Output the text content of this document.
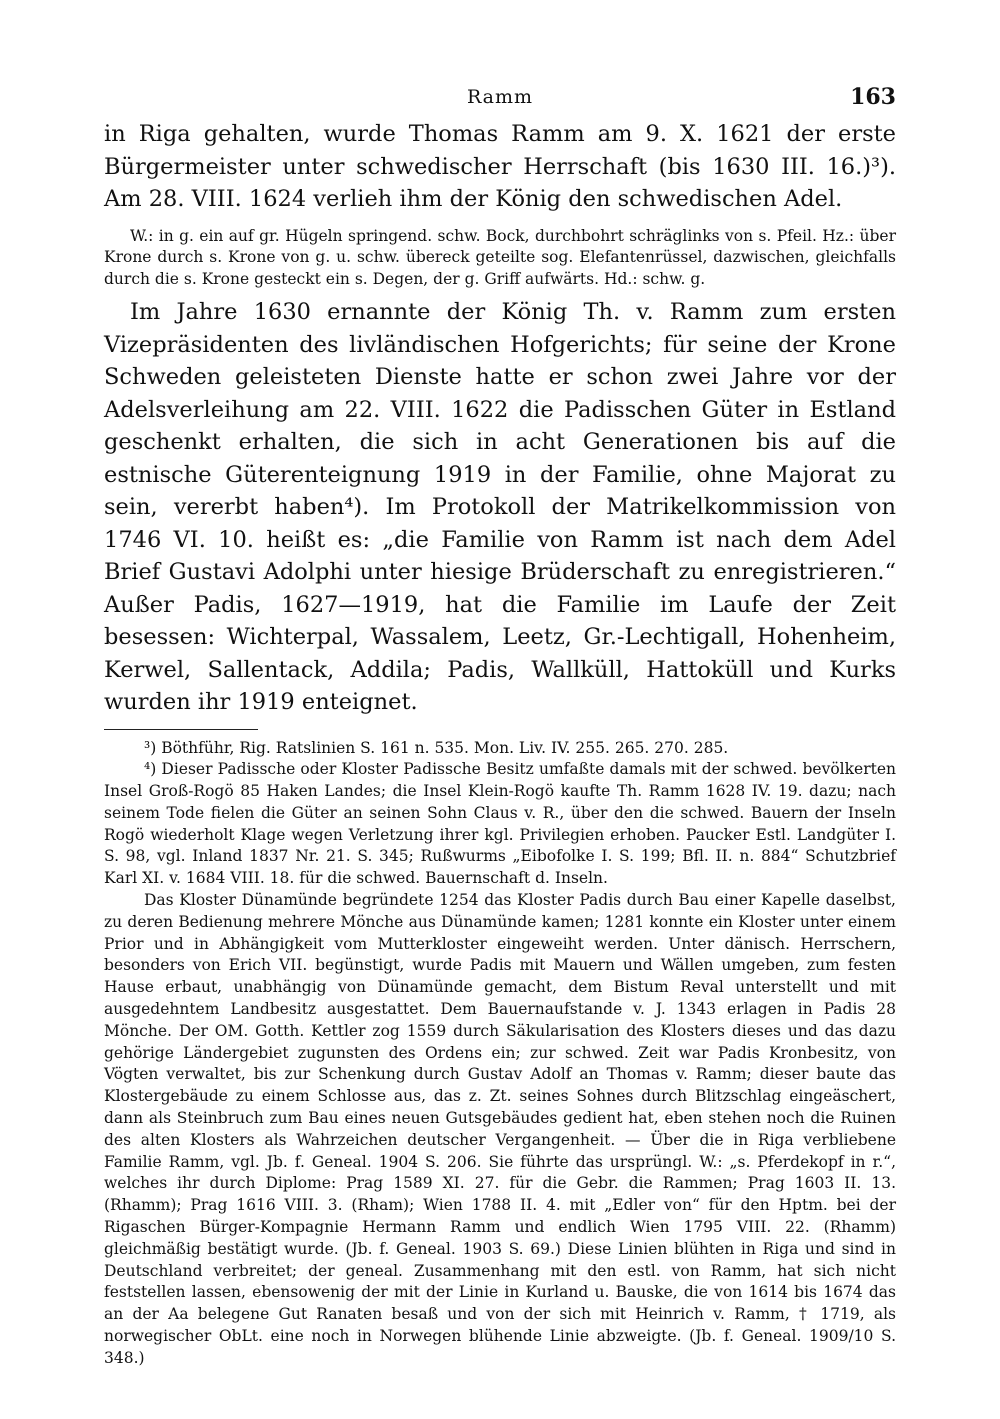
Ramm	163

in Riga gehalten, wurde Thomas Ramm am 9. X. 1621 der erste Bürgermeister unter schwedischer Herrschaft (bis 1630 III. 16.)³). Am 28. VIII. 1624 verlieh ihm der König den schwedischen Adel.

W.: in g. ein auf gr. Hügeln springend. schw. Bock, durchbohrt schräglinks von s. Pfeil. Hz.: über Krone durch s. Krone von g. u. schw. übereck geteilte sog. Elefantenrüssel, dazwischen, gleichfalls durch die s. Krone gesteckt ein s. Degen, der g. Griff aufwärts. Hd.: schw. g.

Im Jahre 1630 ernannte der König Th. v. Ramm zum ersten Vizepräsidenten des livländischen Hofgerichts; für seine der Krone Schweden geleisteten Dienste hatte er schon zwei Jahre vor der Adelsverleihung am 22. VIII. 1622 die Padisschen Güter in Estland geschenkt erhalten, die sich in acht Generationen bis auf die estnische Güterenteignung 1919 in der Familie, ohne Majorat zu sein, vererbt haben⁴). Im Protokoll der Matrikelkommission von 1746 VI. 10. heißt es: „die Familie von Ramm ist nach dem Adel Brief Gustavi Adolphi unter hiesige Brüderschaft zu enregistrieren.“ Außer Padis, 1627—1919, hat die Familie im Laufe der Zeit besessen: Wichterpal, Wassalem, Leetz, Gr.-Lechtigall, Hohenheim, Kerwel, Sallentack, Addila; Padis, Wallküll, Hattoküll und Kurks wurden ihr 1919 enteignet.

³) Böthführ, Rig. Ratslinien S. 161 n. 535. Mon. Liv. IV. 255. 265. 270. 285.

⁴) Dieser Padissche oder Kloster Padissche Besitz umfaßte damals mit der schwed. bevölkerten Insel Groß-Rogö 85 Haken Landes; die Insel Klein-Rogö kaufte Th. Ramm 1628 IV. 19. dazu; nach seinem Tode fielen die Güter an seinen Sohn Claus v. R., über den die schwed. Bauern der Inseln Rogö wiederholt Klage wegen Verletzung ihrer kgl. Privilegien erhoben. Paucker Estl. Landgüter I. S. 98, vgl. Inland 1837 Nr. 21. S. 345; Rußwurms „Eibofolke I. S. 199; Bfl. II. n. 884“ Schutzbrief Karl XI. v. 1684 VIII. 18. für die schwed. Bauernschaft d. Inseln.

Das Kloster Dünamünde begründete 1254 das Kloster Padis durch Bau einer Kapelle daselbst, zu deren Bedienung mehrere Mönche aus Dünamünde kamen; 1281 konnte ein Kloster unter einem Prior und in Abhängigkeit vom Mutterkloster eingeweiht werden. Unter dänisch. Herrschern, besonders von Erich VII. begünstigt, wurde Padis mit Mauern und Wällen umgeben, zum festen Hause erbaut, unabhängig von Dünamünde gemacht, dem Bistum Reval unterstellt und mit ausgedehntem Landbesitz ausgestattet. Dem Bauernaufstande v. J. 1343 erlagen in Padis 28 Mönche. Der OM. Gotth. Kettler zog 1559 durch Säkularisation des Klosters dieses und das dazu gehörige Ländergebiet zugunsten des Ordens ein; zur schwed. Zeit war Padis Kronbesitz, von Vögten verwaltet, bis zur Schenkung durch Gustav Adolf an Thomas v. Ramm; dieser baute das Klostergebäude zu einem Schlosse aus, das z. Zt. seines Sohnes durch Blitzschlag eingeäschert, dann als Steinbruch zum Bau eines neuen Gutsgebäudes gedient hat, eben stehen noch die Ruinen des alten Klosters als Wahrzeichen deutscher Vergangenheit. — Über die in Riga verbliebene Familie Ramm, vgl. Jb. f. Geneal. 1904 S. 206. Sie führte das ursprüngl. W.: „s. Pferdekopf in r.“, welches ihr durch Diplome: Prag 1589 XI. 27. für die Gebr. die Rammen; Prag 1603 II. 13. (Rhamm); Prag 1616 VIII. 3. (Rham); Wien 1788 II. 4. mit „Edler von“ für den Hptm. bei der Rigaschen Bürger-Kompagnie Hermann Ramm und endlich Wien 1795 VIII. 22. (Rhamm) gleichmäßig bestätigt wurde. (Jb. f. Geneal. 1903 S. 69.) Diese Linien blühten in Riga und sind in Deutschland verbreitet; der geneal. Zusammenhang mit den estl. von Ramm, hat sich nicht feststellen lassen, ebensowenig der mit der Linie in Kurland u. Bauske, die von 1614 bis 1674 das an der Aa belegene Gut Ranaten besaß und von der sich mit Heinrich v. Ramm, † 1719, als norwegischer ObLt. eine noch in Norwegen blühende Linie abzweigte. (Jb. f. Geneal. 1909/10 S. 348.)
